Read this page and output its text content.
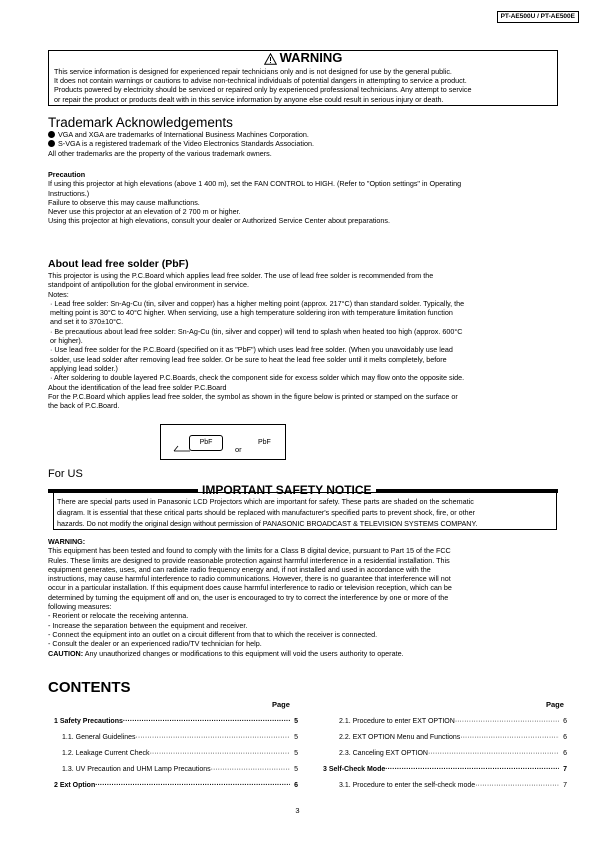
PT-AE500U / PT-AE500E
WARNING
This service information is designed for experienced repair technicians only and is not designed for use by the general public.
It does not contain warnings or cautions to advise non-technical individuals of potential dangers in attempting to service a product.
Products powered by electricity should be serviced or repaired only by experienced professional technicians. Any attempt to service
or repair the product or products dealt with in this service information by anyone else could result in serious injury or death.
Trademark Acknowledgements
VGA and XGA are trademarks of International Business Machines Corporation.
S-VGA is a registered trademark of the Video Electronics Standards Association.
All other trademarks are the property of the various trademark owners.
Precaution
If using this projector at high elevations (above 1 400 m), set the FAN CONTROL to HIGH. (Refer to "Option settings" in Operating
Instructions.)
Failure to observe this may cause malfunctions.
Never use this projector at an elevation of 2 700 m or higher.
Using this projector at high elevations, consult your dealer or Authorized Service Center about preparations.
About lead free solder (PbF)
This projector is using the P.C.Board which applies lead free solder. The use of lead free solder is recommended from the
standpoint of antipollution for the global environment in service.
Notes:
· Lead free solder: Sn-Ag-Cu (tin, silver and copper) has a higher melting point (approx. 217°C) than standard solder. Typically, the
melting point is 30°C to 40°C higher. When servicing, use a high temperature soldering iron with temperature limitation function
and set it to 370±10°C.
· Be precautious about lead free solder: Sn-Ag-Cu (tin, silver and copper) will tend to splash when heated too high (approx. 600°C
or higher).
· Use lead free solder for the P.C.Board (specified on it as "PbF") which uses lead free solder. (When you unavoidably use lead
solder, use lead solder after removing lead free solder. Or be sure to heat the lead free solder until it melts completely, before
applying lead solder.)
· After soldering to double layered P.C.Boards, check the component side for excess solder which may flow onto the opposite side.
About the identification of the lead free solder P.C.Board
For the P.C.Board which applies lead free solder, the symbol as shown in the figure below is printed or stamped on the surface or
the back of P.C.Board.
PbF
or
PbF
For US
IMPORTANT SAFETY NOTICE
There are special parts used in Panasonic LCD Projectors which are important for safety. These parts are shaded on the schematic
diagram. It is essential that these critical parts should be replaced with manufacturer's specified parts to prevent shock, fire, or other
hazards. Do not modify the original design without permission of PANASONIC BROADCAST & TELEVISION SYSTEMS COMPANY.
WARNING:
This equipment has been tested and found to comply with the limits for a Class B digital device, pursuant to Part 15 of the FCC
Rules. These limits are designed to provide reasonable protection against harmful interference in a residential installation. This
equipment generates, uses, and can radiate radio frequency energy and, if not installed and used in accordance with the
instructions, may cause harmful interference to radio communications. However, there is no guarantee that interference will not
occur in a particular installation. If this equipment does cause harmful interference to radio or television reception, which can be
determined by turning the equipment off and on, the user is encouraged to try to correct the interference by one or more of the
following measures:
- Reorient or relocate the receiving antenna.
- Increase the separation between the equipment and receiver.
- Connect the equipment into an outlet on a circuit different from that to which the receiver is connected.
- Consult the dealer or an experienced radio/TV technician for help.
CAUTION: Any unauthorized changes or modifications to this equipment will void the users authority to operate.
CONTENTS
Page	Page
1 Safety Precautions ·····	5
1.1. General Guidelines ·····	5
1.2. Leakage Current Check ·····	5
1.3. UV Precaution and UHM Lamp Precautions ·····	5
2 Ext Option ·····	6
2.1. Procedure to enter EXT OPTION ·····	6
2.2. EXT OPTION Menu and Functions ·····	6
2.3. Canceling EXT OPTION ·····	6
3 Self-Check Mode ·····	7
3.1. Procedure to enter the self-check mode ·····	7
3
